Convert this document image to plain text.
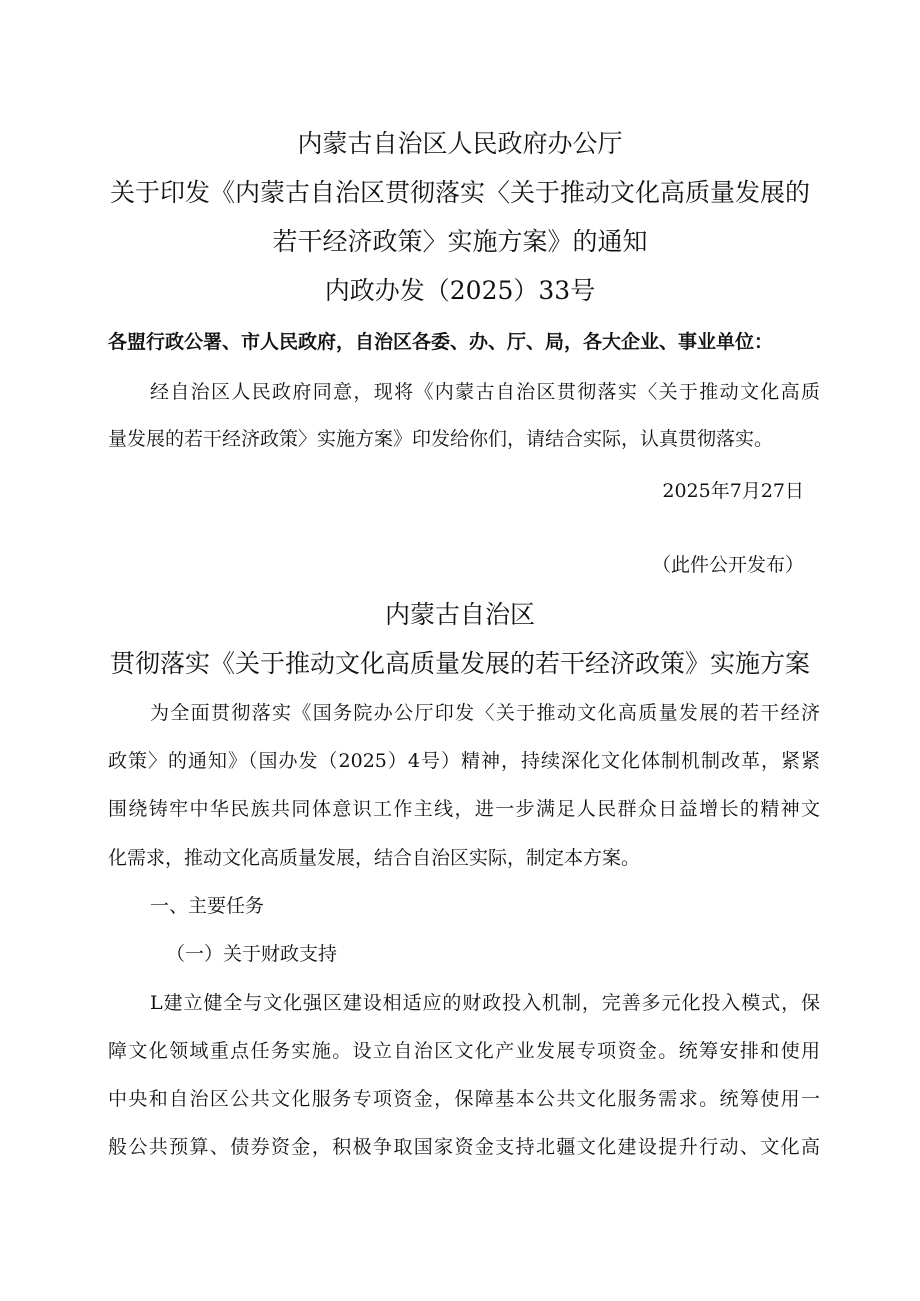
内蒙古自治区人民政府办公厅
关于印发《内蒙古自治区贯彻落实〈关于推动文化高质量发展的
若干经济政策〉实施方案》的通知
内政办发（2025）33号
各盟行政公署、市人民政府，自治区各委、办、厅、局，各大企业、事业单位：
经自治区人民政府同意，现将《内蒙古自治区贯彻落实〈关于推动文化高质
量发展的若干经济政策〉实施方案》印发给你们，请结合实际，认真贯彻落实。
2025年7月27日
（此件公开发布）
内蒙古自治区
贯彻落实《关于推动文化高质量发展的若干经济政策》实施方案
为全面贯彻落实《国务院办公厅印发〈关于推动文化高质量发展的若干经济
政策〉的通知》（国办发（2025）4号）精神，持续深化文化体制机制改革，紧紧
围绕铸牢中华民族共同体意识工作主线，进一步满足人民群众日益增长的精神文
化需求，推动文化高质量发展，结合自治区实际，制定本方案。
一、主要任务
（一）关于财政支持
L建立健全与文化强区建设相适应的财政投入机制，完善多元化投入模式，保
障文化领域重点任务实施。设立自治区文化产业发展专项资金。统筹安排和使用
中央和自治区公共文化服务专项资金，保障基本公共文化服务需求。统筹使用一
般公共预算、债券资金，积极争取国家资金支持北疆文化建设提升行动、文化高
